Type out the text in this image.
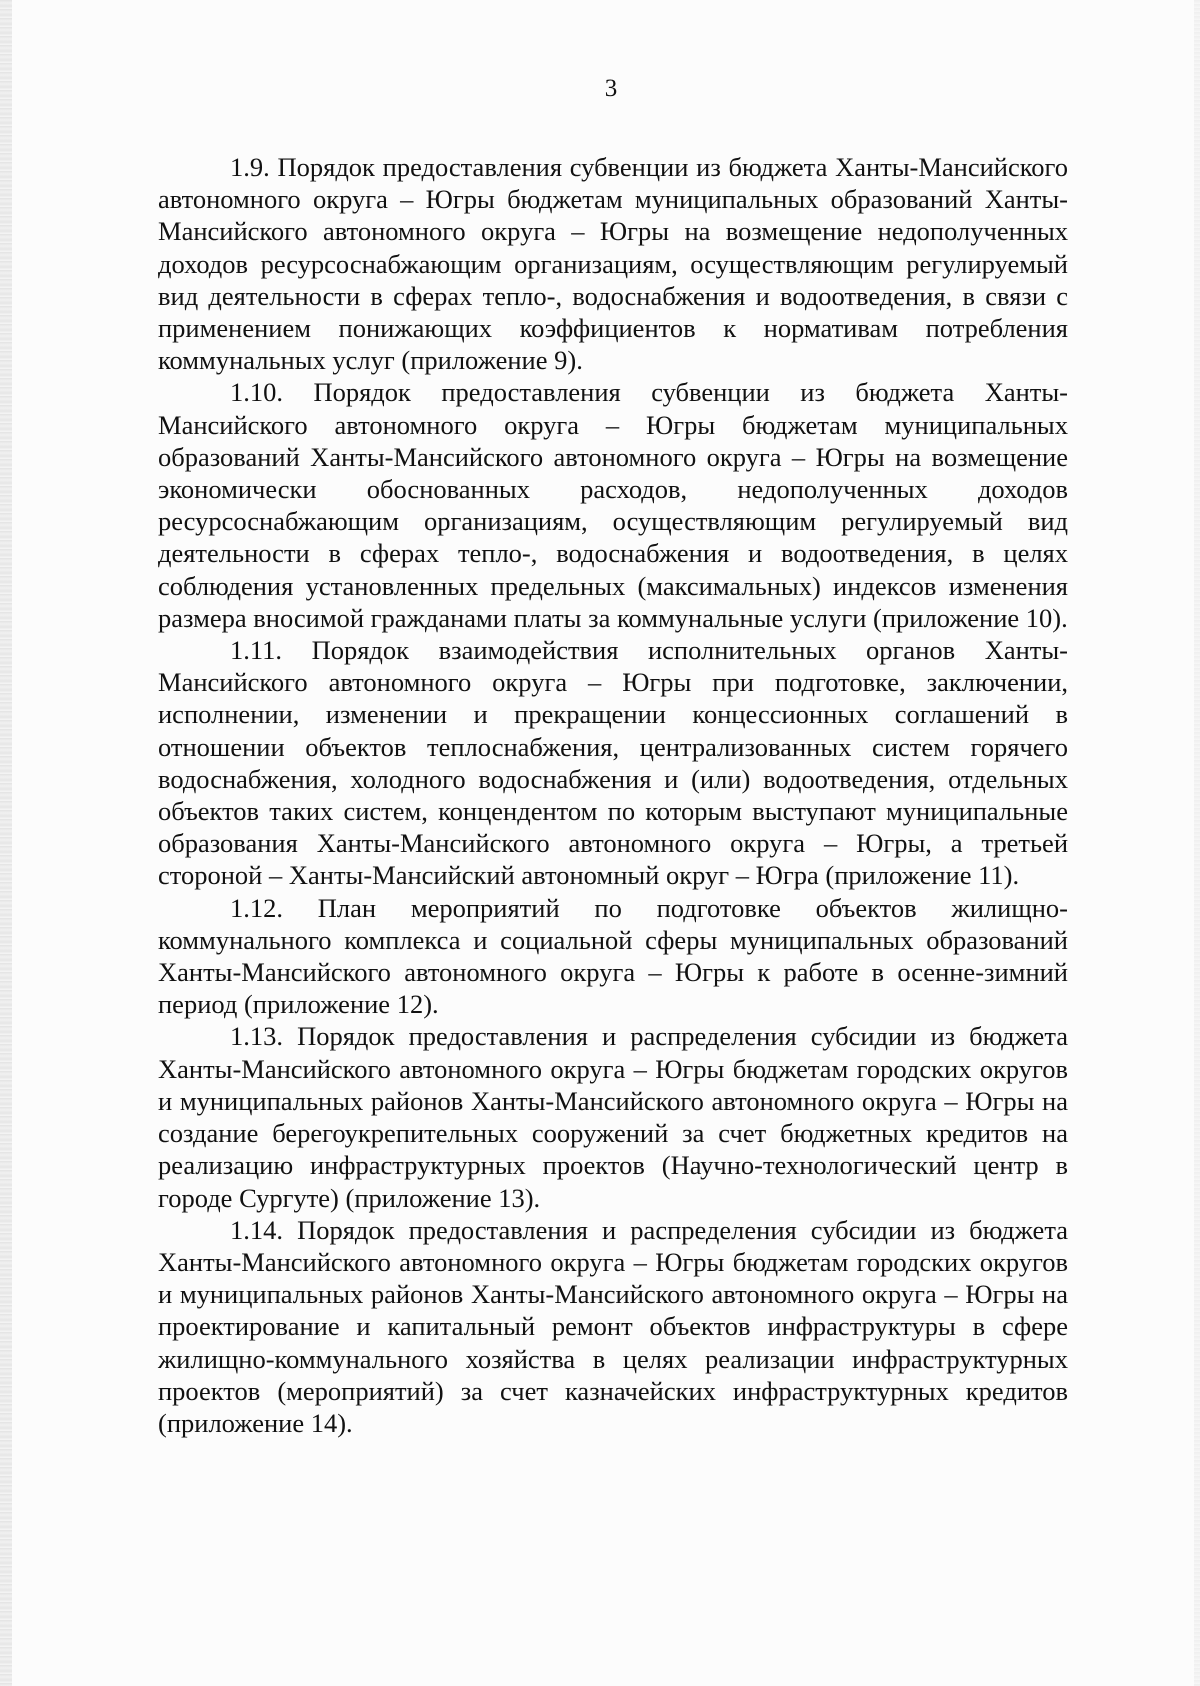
3

1.9. Порядок предоставления субвенции из бюджета Ханты-Мансийского автономного округа – Югры бюджетам муниципальных образований Ханты-Мансийского автономного округа – Югры на возмещение недополученных доходов ресурсоснабжающим организациям, осуществляющим регулируемый вид деятельности в сферах тепло-, водоснабжения и водоотведения, в связи с применением понижающих коэффициентов к нормативам потребления коммунальных услуг (приложение 9).

1.10. Порядок предоставления субвенции из бюджета Ханты-Мансийского автономного округа – Югры бюджетам муниципальных образований Ханты-Мансийского автономного округа – Югры на возмещение экономически обоснованных расходов, недополученных доходов ресурсоснабжающим организациям, осуществляющим регулируемый вид деятельности в сферах тепло-, водоснабжения и водоотведения, в целях соблюдения установленных предельных (максимальных) индексов изменения размера вносимой гражданами платы за коммунальные услуги (приложение 10).

1.11. Порядок взаимодействия исполнительных органов Ханты-Мансийского автономного округа – Югры при подготовке, заключении, исполнении, изменении и прекращении концессионных соглашений в отношении объектов теплоснабжения, централизованных систем горячего водоснабжения, холодного водоснабжения и (или) водоотведения, отдельных объектов таких систем, концендентом по которым выступают муниципальные образования Ханты-Мансийского автономного округа – Югры, а третьей стороной – Ханты-Мансийский автономный округ – Югра (приложение 11).

1.12. План мероприятий по подготовке объектов жилищно-коммунального комплекса и социальной сферы муниципальных образований Ханты-Мансийского автономного округа – Югры к работе в осенне-зимний период (приложение 12).

1.13. Порядок предоставления и распределения субсидии из бюджета Ханты-Мансийского автономного округа – Югры бюджетам городских округов и муниципальных районов Ханты-Мансийского автономного округа – Югры на создание берегоукрепительных сооружений за счет бюджетных кредитов на реализацию инфраструктурных проектов (Научно-технологический центр в городе Сургуте) (приложение 13).

1.14. Порядок предоставления и распределения субсидии из бюджета Ханты-Мансийского автономного округа – Югры бюджетам городских округов и муниципальных районов Ханты-Мансийского автономного округа – Югры на проектирование и капитальный ремонт объектов инфраструктуры в сфере жилищно-коммунального хозяйства в целях реализации инфраструктурных проектов (мероприятий) за счет казначейских инфраструктурных кредитов (приложение 14).
